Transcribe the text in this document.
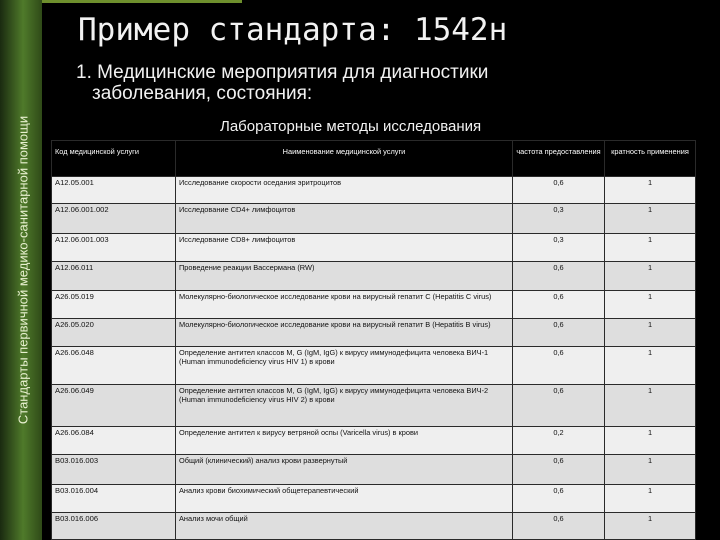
Стандарты первичной медико-санитарной помощи
Пример стандарта: 1542н
1. Медицинские мероприятия для диагностики
заболевания, состояния:
Лабораторные методы исследования
Код медицинской услуги	Наименование медицинской услуги	частота предоставления	кратность применения
A12.05.001	Исследование скорости оседания эритроцитов	0,6	1
A12.06.001.002	Исследование CD4+ лимфоцитов	0,3	1
A12.06.001.003	Исследование CD8+ лимфоцитов	0,3	1
A12.06.011	Проведение реакции Вассермана (RW)	0,6	1
A26.05.019	Молекулярно-биологическое исследование крови на вирусный гепатит С (Hepatitis C virus)	0,6	1
A26.05.020	Молекулярно-биологическое исследование крови на вирусный гепатит В (Hepatitis B virus)	0,6	1
A26.06.048	Определение антител классов M, G (IgM, IgG) к вирусу иммунодефицита человека ВИЧ-1 (Human immunodeficiency virus HIV 1) в крови	0,6	1
A26.06.049	Определение антител классов M, G (IgM, IgG) к вирусу иммунодефицита человека ВИЧ-2 (Human immunodeficiency virus HIV 2) в крови	0,6	1
A26.06.084	Определение антител к вирусу ветряной оспы (Varicella virus) в крови	0,2	1
B03.016.003	Общий (клинический) анализ крови развернутый	0,6	1
B03.016.004	Анализ крови биохимический общетерапевтический	0,6	1
B03.016.006	Анализ мочи общий	0,6	1
